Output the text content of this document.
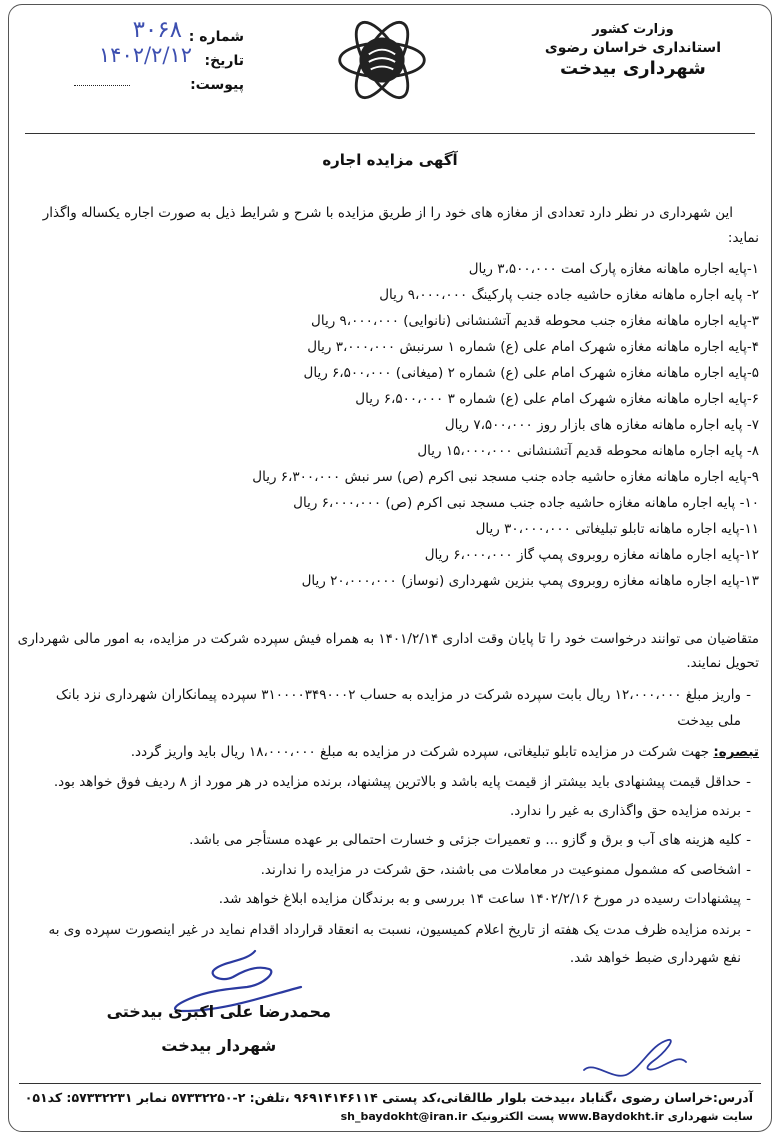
وزارت کشور
استانداری خراسان رضوی
شهرداری بیدخت
شماره :
۳۰۶۸
تاریخ:
۱۴۰۲/۲/۱۲
پیوست:
آگهی مزایده اجاره
این شهرداری در نظر دارد تعدادی از مغازه های خود را از طریق مزایده با شرح و شرایط ذیل به صورت اجاره یکساله واگذار
نماید:
۱-پایه اجاره ماهانه مغازه پارک امت ۳،۵۰۰،۰۰۰ ریال
۲- پایه اجاره ماهانه مغازه حاشیه جاده جنب پارکینگ ۹،۰۰۰،۰۰۰ ریال
۳-پایه اجاره ماهانه مغازه جنب محوطه قدیم آتشنشانی (نانوایی) ۹،۰۰۰،۰۰۰ ریال
۴-پایه اجاره ماهانه مغازه شهرک امام علی (ع) شماره ۱ سرنبش ۳،۰۰۰،۰۰۰ ریال
۵-پایه اجاره ماهانه مغازه شهرک امام علی (ع) شماره ۲ (میغانی) ۶،۵۰۰،۰۰۰ ریال
۶-پایه اجاره ماهانه مغازه شهرک امام علی (ع) شماره ۳ ۶،۵۰۰،۰۰۰ ریال
۷- پایه اجاره ماهانه مغازه های بازار روز ۷،۵۰۰،۰۰۰ ریال
۸- پایه اجاره ماهانه محوطه قدیم آتشنشانی ۱۵،۰۰۰،۰۰۰ ریال
۹-پایه اجاره ماهانه مغازه حاشیه جاده جنب مسجد نبی اکرم (ص) سر نبش ۶،۳۰۰،۰۰۰ ریال
۱۰- پایه اجاره ماهانه مغازه حاشیه جاده جنب مسجد نبی اکرم (ص) ۶،۰۰۰،۰۰۰ ریال
۱۱-پایه اجاره ماهانه تابلو تبلیغاتی ۳۰،۰۰۰،۰۰۰ ریال
۱۲-پایه اجاره ماهانه مغازه روبروی پمپ گاز ۶،۰۰۰،۰۰۰ ریال
۱۳-پایه اجاره ماهانه مغازه روبروی پمپ بنزین شهرداری (نوساز) ۲۰،۰۰۰،۰۰۰ ریال
متقاضیان می توانند درخواست خود را تا پایان وقت اداری ۱۴۰۱/۲/۱۴ به همراه فیش سپرده شرکت در مزایده، به امور مالی شهرداری
تحویل نمایند.
- واریز مبلغ ۱۲،۰۰۰،۰۰۰ ریال بابت سپرده شرکت در مزایده به حساب ۳۱۰۰۰۰۳۴۹۰۰۰۲ سپرده پیمانکاران شهرداری نزد بانک
ملی بیدخت
تبصره: جهت شرکت در مزایده تابلو تبلیغاتی، سپرده شرکت در مزایده به مبلغ ۱۸،۰۰۰،۰۰۰ ریال باید واریز گردد.
- حداقل قیمت پیشنهادی باید بیشتر از قیمت پایه باشد و بالاترین پیشنهاد، برنده مزایده در هر مورد از ۸ ردیف فوق خواهد بود.
- برنده مزایده حق واگذاری به غیر را ندارد.
- کلیه هزینه های آب و برق و گازو ... و تعمیرات جزئی و خسارت احتمالی بر عهده مستأجر می باشد.
- اشخاصی که مشمول ممنوعیت در معاملات می باشند، حق شرکت در مزایده را ندارند.
- پیشنهادات رسیده در مورخ ۱۴۰۲/۲/۱۶ ساعت ۱۴ بررسی و به برندگان مزایده ابلاغ خواهد شد.
- برنده مزایده ظرف مدت یک هفته از تاریخ اعلام کمیسیون، نسبت به انعقاد قرارداد اقدام نماید در غیر اینصورت سپرده وی به
نفع شهرداری ضبط خواهد شد.
محمدرضا علی اکبری بیدختی
شهردار بیدخت
آدرس:خراسان رضوی ،گناباد ،بیدخت بلوار طالقانی،کد پستی ۹۶۹۱۴۱۴۶۱۱۴ ،تلفن: ۲-۵۷۳۳۲۲۵۰ نمابر ۵۷۳۳۲۲۳۱: کد۰۵۱
سایت شهرداری www.Baydokht.ir پست الکترونیک sh_baydokht@iran.ir
